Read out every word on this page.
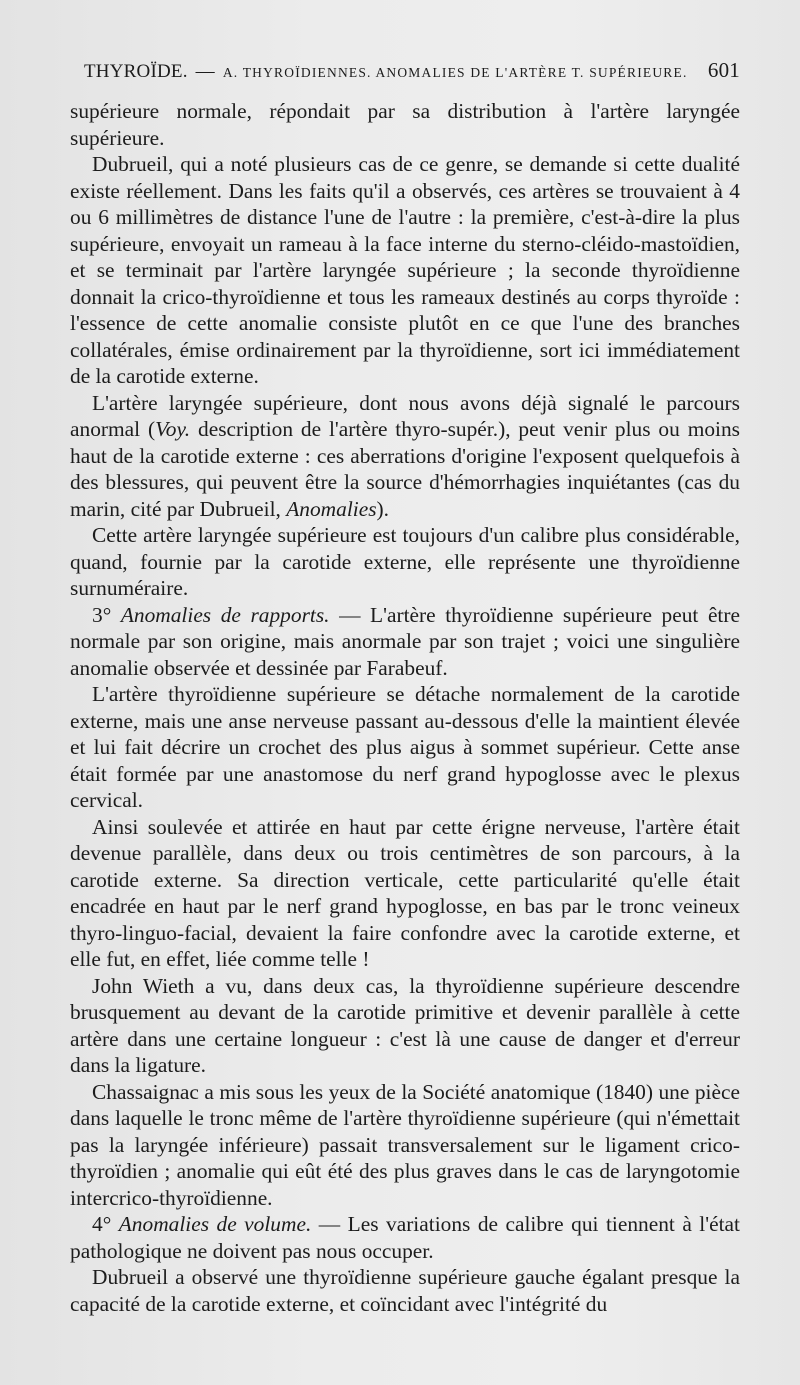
THYROÏDE. — A. THYROÏDIENNES. ANOMALIES DE L'ARTÈRE T. SUPÉRIEURE. 601

supérieure normale, répondait par sa distribution à l'artère laryngée supérieure.

Dubrueil, qui a noté plusieurs cas de ce genre, se demande si cette dualité existe réellement. Dans les faits qu'il a observés, ces artères se trouvaient à 4 ou 6 millimètres de distance l'une de l'autre : la première, c'est-à-dire la plus supérieure, envoyait un rameau à la face interne du sterno-cléido-mastoïdien, et se terminait par l'artère laryngée supérieure ; la seconde thyroïdienne donnait la crico-thyroïdienne et tous les rameaux destinés au corps thyroïde : l'essence de cette anomalie consiste plutôt en ce que l'une des branches collatérales, émise ordinairement par la thyroïdienne, sort ici immédiatement de la carotide externe.

L'artère laryngée supérieure, dont nous avons déjà signalé le parcours anormal (Voy. description de l'artère thyro-supér.), peut venir plus ou moins haut de la carotide externe : ces aberrations d'origine l'exposent quelquefois à des blessures, qui peuvent être la source d'hémorrhagies inquiétantes (cas du marin, cité par Dubrueil, Anomalies).

Cette artère laryngée supérieure est toujours d'un calibre plus considérable, quand, fournie par la carotide externe, elle représente une thyroïdienne surnuméraire.

3° Anomalies de rapports. — L'artère thyroïdienne supérieure peut être normale par son origine, mais anormale par son trajet ; voici une singulière anomalie observée et dessinée par Farabeuf.

L'artère thyroïdienne supérieure se détache normalement de la carotide externe, mais une anse nerveuse passant au-dessous d'elle la maintient élevée et lui fait décrire un crochet des plus aigus à sommet supérieur. Cette anse était formée par une anastomose du nerf grand hypoglosse avec le plexus cervical.

Ainsi soulevée et attirée en haut par cette érigne nerveuse, l'artère était devenue parallèle, dans deux ou trois centimètres de son parcours, à la carotide externe. Sa direction verticale, cette particularité qu'elle était encadrée en haut par le nerf grand hypoglosse, en bas par le tronc veineux thyro-linguo-facial, devaient la faire confondre avec la carotide externe, et elle fut, en effet, liée comme telle !

John Wieth a vu, dans deux cas, la thyroïdienne supérieure descendre brusquement au devant de la carotide primitive et devenir parallèle à cette artère dans une certaine longueur : c'est là une cause de danger et d'erreur dans la ligature.

Chassaignac a mis sous les yeux de la Société anatomique (1840) une pièce dans laquelle le tronc même de l'artère thyroïdienne supérieure (qui n'émettait pas la laryngée inférieure) passait transversalement sur le ligament crico-thyroïdien ; anomalie qui eût été des plus graves dans le cas de laryngotomie intercrico-thyroïdienne.

4° Anomalies de volume. — Les variations de calibre qui tiennent à l'état pathologique ne doivent pas nous occuper.

Dubrueil a observé une thyroïdienne supérieure gauche égalant presque la capacité de la carotide externe, et coïncidant avec l'intégrité du
